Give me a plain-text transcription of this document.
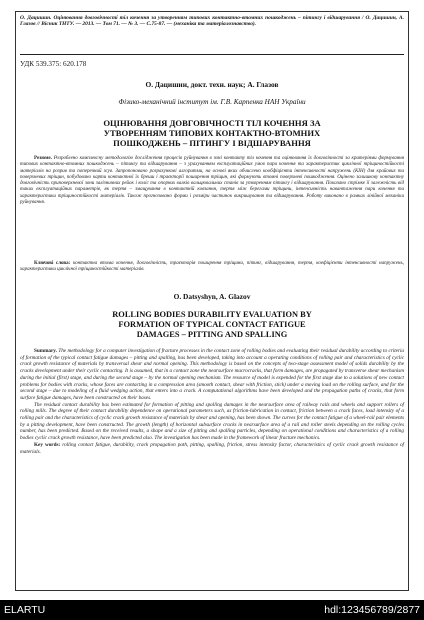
О. Дацишин. Оцінювання довговічності тіл кочення за утворенням типових контактно-втомних пошкоджень – пітингу і відшарування / О. Дацишин, А. Глазов // Вісник ТНТУ. — 2013. — Том 71. — № 3. — С.75-87. — (механіка та матеріалознавство).
УДК 539.375: 620.178
О. Дацишин, докт. техн. наук; А. Глазов
Фізико-механічний інститут ім. Г.В. Карпенка НАН України
ОЦІНЮВАННЯ ДОВГОВІЧНОСТІ ТІЛ КОЧЕННЯ ЗА
УТВОРЕННЯМ ТИПОВИХ КОНТАКТНО-ВТОМНИХ
ПОШКОДЖЕНЬ – ПІТИНГУ І ВІДШАРУВАННЯ
Резюме. Розроблено комплексну методологію дослідження процесів руйнування в зоні контакту тіл кочення та оцінювання їх довговічності за критеріями формування типових контактно-втомних пошкоджень – пітингу та відшарування – з урахуванням експлуатаційних умов пари кочення та характеристик циклічної тріщиностійкості матеріалів на розрив та поперечний зсув. Запропоновано розрахункові алгоритми, на основі яких обчислено кообфіцієнти інтенсивності напружень (КІН) для крайових та поверхневих тріщин, побудовано карти контактної їх бреши і траєкторії поширення тріщин, які формують втомні поверхневі пошкодження. Оцінено залишкову контактну довговічність приповерхневої зони залізничних рейок і коліс та опорних валків вальцювальних станів за утворенням пітингу і відшарування. Показано стрімке її залежність від таких експлуатаційних параметрів, як тертя – змащування в контактній ковзання, тертя між берегами тріщини, інтенсивність навантаження пари кочення та характеристики тріщиностійкості матеріалів. Також прогнозовано форми і розміри частинок викришування та відшарування. Роботу виконано в рамках лінійної механіки руйнування.
Ключові слова: контактна втома кочення, довговічність, траєкторія поширення тріщини, пітинг, відшарування, тертя, коефіцієнти інтенсивності напружень, характеристики циклічної тріщиностійкості матеріалів.
O. Datsyshyn, A. Glazov
ROLLING BODIES DURABILITY EVALUATION BY
FORMATION OF TYPICAL CONTACT FATIGUE
DAMAGES – PITTING AND SPALLING

Summary. The methodology for a computer investigation of fracture processes in the contact zone of rolling bodies and evaluating their residual durability according to criteria of formation of the typical contact fatigue damages – pitting and spalling, has been developed, taking into account a operating conditions of rolling pair and characteristics of cyclic crack growth resistance of materials by transversal shear and normal opening. This methodology is based on the concepts of two-stage assessment model of solids durability by the cracks development under their cyclic contacting. It is assumed, that in a contact zone the nearsurface macrocracks, that form damages, are propagated by transverse shear mechanism during the initial (first) stage, and during the second stage – by the normal opening mechanism. The resource of model is expended for the first stage due to a solutions of new contact problems for bodies with cracks, whose faces are contacting in a compression area (smooth contact, shear with friction, stick) under a moving load on the rolling surface, and for the second stage – due to modeling of a fluid wedging action, that enters into a crack. A computational algorithms have been developed and the propagation paths of cracks, that form surface fatigue damages, have been constructed on their bases.

The residual contact durability has been estimated for formation of pitting and spalling damages in the nearsurface area of railway rails and wheels and support rollers of rolling mills. The degree of their contact durability dependence on operational parameters such, as friction-lubrication in contact, friction between a crack faces, load intensity of a rolling pair and the characteristics of cyclic crack growth resistance of materials by shear and opening, has been shown. The curves for the contact fatigue of a wheel-rail pair elements by a pitting development, have been constructed. The growth (length) of horizontal subsurface cracks in nearsurface area of a rail and roller steels depending on the rolling cycles number, has been predicted. Based on the received results, a shape and a size of pitting and spalling particles, depending on operational conditions and characteristics of a rolling bodies cyclic crack growth resistance, have been predicted also. The investigation has been made in the framework of linear fracture mechanics.

Key words: rolling contact fatigue, durability, crack propagation path, pitting, spalling, friction, stress intensity factor, characteristics of cyclic crack growth resistance of materials.

ELARTU	hdl:123456789/2877
